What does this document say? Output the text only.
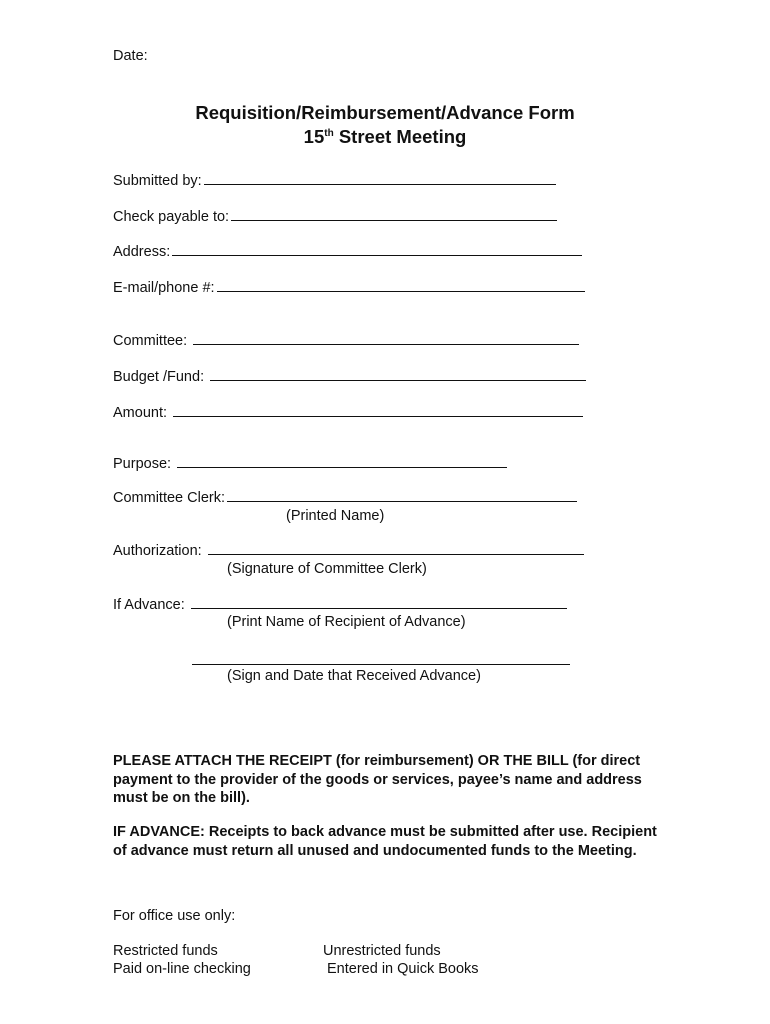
Date:
Requisition/Reimbursement/Advance Form
15th Street Meeting
Submitted by:
Check payable to:
Address:
E-mail/phone #:
Committee:
Budget /Fund:
Amount:
Purpose:
Committee Clerk:
(Printed Name)
Authorization:
(Signature of Committee Clerk)
If Advance:
(Print Name of Recipient of Advance)
(Sign and Date that Received Advance)
PLEASE ATTACH THE RECEIPT (for reimbursement) OR THE BILL (for direct payment to the provider of the goods or services, payee’s name and address must be on the bill).
IF ADVANCE: Receipts to back advance must be submitted after use. Recipient of advance must return all unused and undocumented funds to the Meeting.
For office use only:
Restricted funds	Unrestricted funds
Paid on-line checking	Entered in Quick Books
